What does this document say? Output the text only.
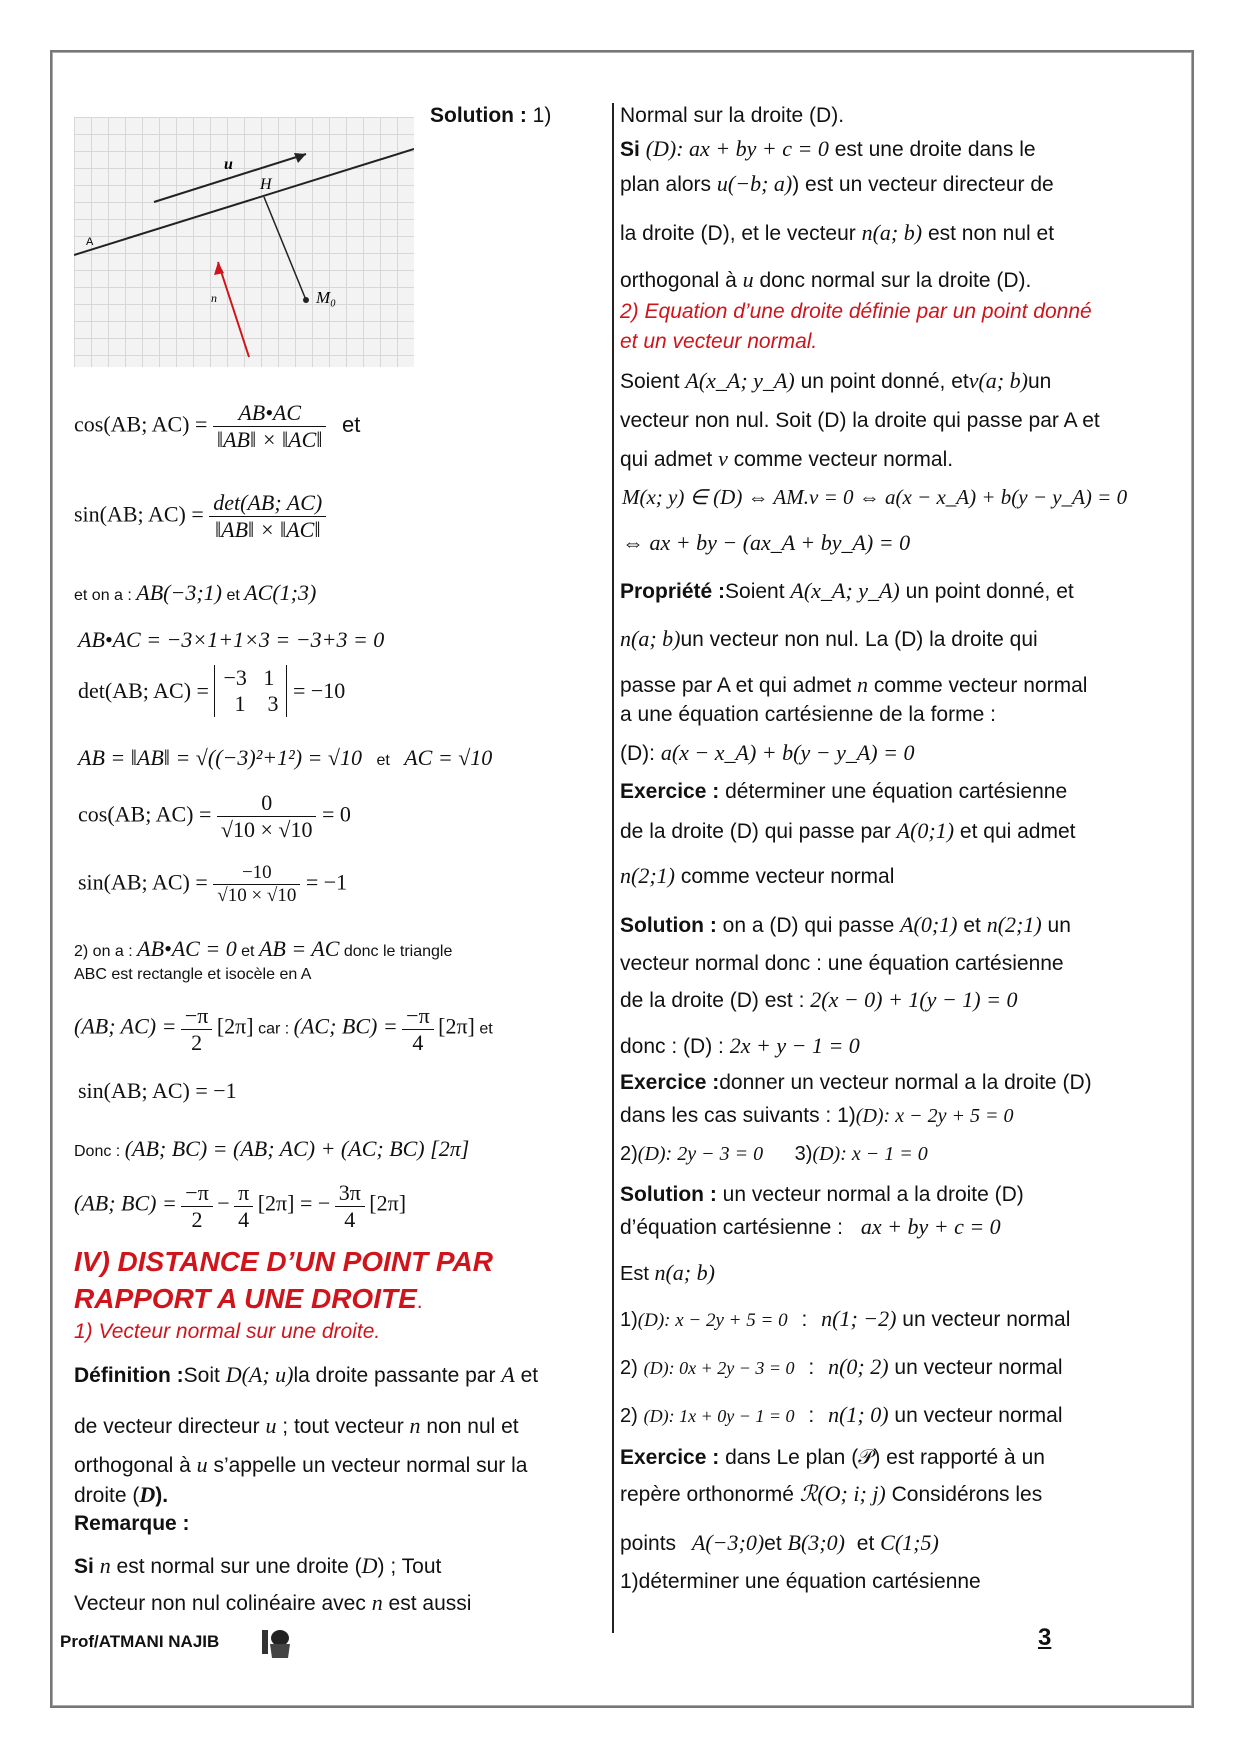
u
H
A
n	M₀
Solution : 1)
cos(AB; $AC) = \frac{AB•AC}{‖AB‖ \times ‖AC‖}$ et
sin(AB; $AC) = \frac{\det(AB; AC)}{‖AB‖ \times ‖AC‖}$
et on a : AB(−3;1) et AC(1;3)
AB•AC = −3×1+1×3 = −3+3 = 0
det(AB; AC) =
−3 1
1 3
= −10
AB = ‖AB‖ = √((−3)²+1²) = √10 et AC = √10
cos(AB; $AC) = \frac{0}{√10 \times √10} = 0$
sin(AB; $AC) = \frac{-10}{√10 \times √10} = -1$
2) on a : AB•AC = 0 et AB = AC donc le triangle
ABC est rectangle et isocèle en A
(AB; $AC) = \frac{-\pi}{2} [2\pi]$ car : (AC; $BC) = \frac{-\pi}{4} [2\pi]$ et
sin(AB; AC) = −1
Donc : (AB; BC) = (AB; AC) + (AC; BC) [2π]
(AB; $BC) = \frac{-\pi}{2} - \frac{\pi}{4} [2\pi]$ = − $\frac{3\pi}{4} [2\pi]$
IV) DISTANCE D’UN POINT PAR
RAPPORT A UNE DROITE.
1) Vecteur normal sur une droite.
Définition :Soit D(A; u)la droite passante par A et
de vecteur directeur u ; tout vecteur n non nul et
orthogonal à u s’appelle un vecteur normal sur la
droite (D).
Remarque :
Si n est normal sur une droite (D) ; Tout
Vecteur non nul colinéaire avec n est aussi
Normal sur la droite (D).
Si (D): ax + by + c = 0 est une droite dans le
plan alors u(−b; a)) est un vecteur directeur de
la droite (D), et le vecteur n(a; b) est non nul et
orthogonal à u donc normal sur la droite (D).
2) Equation d’une droite définie par un point donné
et un vecteur normal.
Soient A(x_A; y_A) un point donné, etv(a; b)un
vecteur non nul. Soit (D) la droite qui passe par A et
qui admet v comme vecteur normal.
M(x; y) ∈ (D) ⇔ AM.v = 0 ⇔ a(x − x_A) + b(y − y_A) = 0
⇔ ax + by − (ax_A + by_A) = 0
Propriété :Soient A(x_A; y_A) un point donné, et
n(a; b)un vecteur non nul. La (D) la droite qui
passe par A et qui admet n comme vecteur normal
a une équation cartésienne de la forme :
(D): a(x − x_A) + b(y − y_A) = 0
Exercice : déterminer une équation cartésienne
de la droite (D) qui passe par A(0;1) et qui admet
n(2;1) comme vecteur normal
Solution : on a (D) qui passe A(0;1) et n(2;1) un
vecteur normal donc : une équation cartésienne
de la droite (D) est : 2(x − 0) + 1(y − 1) = 0
donc : (D) : 2x + y − 1 = 0
Exercice :donner un vecteur normal a la droite (D)
dans les cas suivants : 1)(D): x − 2y + 5 = 0
2)(D): 2y − 3 = 0 3)(D): x − 1 = 0
Solution : un vecteur normal a la droite (D)
d’équation cartésienne : ax + by + c = 0
Est n(a; b)
1)(D): x − 2y + 5 = 0 : n(1; −2) un vecteur normal
2) (D): 0x + 2y − 3 = 0 : n(0; 2) un vecteur normal
2) (D): 1x + 0y − 1 = 0 : n(1; 0) un vecteur normal
Exercice : dans Le plan (𝒫) est rapporté à un
repère orthonormé ℛ(O; i; j) Considérons les
points A(−3;0)et B(3;0) et C(1;5)
1)déterminer une équation cartésienne
Prof/ATMANI NAJIB	3
